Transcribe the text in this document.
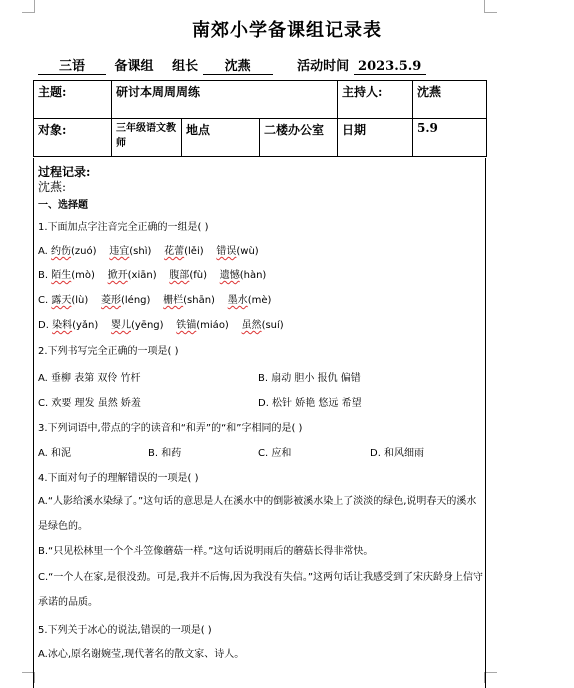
南郊小学备课组记录表
三语 备课组 组长 沈燕	活动时间 2023.5.9
主题:	研讨本周周周练			主持人:	沈燕
对象:	三年级语文教师	地点	二楼办公室	日期	5.9
过程记录:
沈燕:
一、选择题
1.下面加点字注音完全正确的一组是( )
A. 约伤(zuó) 违宜(shì) 花蕾(lěi) 错误(wù)
B. 陌生(mò) 掀开(xiān) 腹部(fù) 遗憾(hàn)
C. 露天(lù) 菱形(léng) 栅栏(shān) 墨水(mè)
D. 染料(yǎn) 婴儿(yēng) 铁锚(miáo) 虽然(suí)
2.下列书写完全正确的一项是( )
A. 垂柳 表第 双伶 竹杆	B. 扇动 胆小 报仇 偏错
C. 欢要 理发 虽然 娇羞	D. 松针 娇艳 悠远 希望
3.下列词语中,带点的字的读音和“和弄”的“和”字相同的是( )
A. 和泥	B. 和药	C. 应和	D. 和风细雨
4.下面对句子的理解错误的一项是( )
A.“人影给溪水染绿了。”这句话的意思是人在溪水中的倒影被溪水染上了淡淡的绿色,说明春天的溪水是绿色的。
B.“只见松林里一个个斗笠像蘑菇一样。”这句话说明雨后的蘑菇长得非常快。
C.“一个人在家,是很没劲。可是,我并不后悔,因为我没有失信。”这两句话让我感受到了宋庆龄身上信守承诺的品质。
5.下列关于冰心的说法,错误的一项是( )
A.冰心,原名谢婉莹,现代著名的散文家、诗人。
